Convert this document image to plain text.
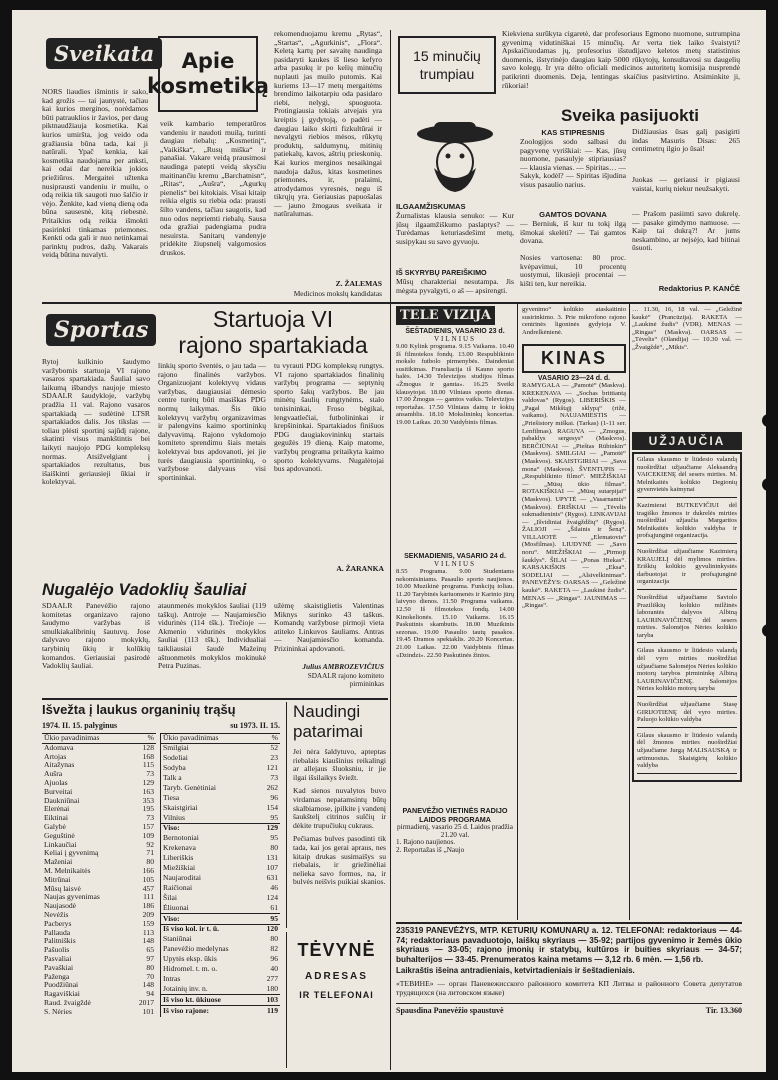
Sveikata	Apie kosmetiką
NORS liaudies išmintis ir sako, kad grožis — tai jaunystė, tačiau kai kurios merginos, norėdamos būti patrauklios ir žavios, per daug piktnaudžiauja kosmetika. Kai kurios umiršta, jog veido oda gražiausia būna tada, kai ji natūrali. Ypač kenkia, kai kosmetika naudojama per anksti, kai odai dar nereikia jokios priežiūros. Mergaitei užtenka nusiprausti vandeniu ir muilu, o odą reikia tik saugoti nuo šalčio ir vėjo. Ženkite, kad vieną dieną oda būna sausesnė, kitą riebesnė. Pritaikius odą reikia išmokti pasirinkti tinkamas priemones. Kenkti oda gali ir nuo netinkamai parinktų pudros, dažų. Vakarais veidą būtina nuvalyti.
veik kambario temperatūros vandeniu ir naudoti muilą, turinti daugiau riebalų: „Kosmetinį“, „Vaikiška“, „Rusų miška“ ir panašiai. Vakare veidą prausimosi naudinga patepti veidą skysčiu maitinančiu kremu „Barchatnisn“, „Ritas“, „Aušra“, „Agurkų pienelis“ bei kitokiais. Visai kitaip reikia elgtis su riebia oda: prausti šilto vandens, tačiau saugotis, kad nuo odos nepriemti riebalų. Sausa oda gražiai padengiama pudra nesuirsta. Sanitarų vandenyje pridėkite žiupsnelį valgomosios druskos.
rekomenduojamu kremu „Rytas“, „Startas“, „Agurkinis“, „Flora“. Keletą kartų per savaitę naudinga pasidaryti kaukes iš lieso kefyro arba pasukų ir po kelių minučių nuplauti jas muilo putomis. Kai kuriems 13—17 metų mergaitėms brendimo laikotarpiu oda pasidaro riebi, nelygi, spuoguota. Protingiausia tokiais atvejais yra kreiptis į gydytoją, o padėti — daugiau laiko skirti fizkultūrai ir nevalgyti riebios mėsos, rūkytų produktų, saldumynų, mitinių patiekalų, kavos, aštrių prieskonių. Kai kurios merginos nesaikingai naudoja dažus, kitas kosmetines priemones, ir, pralaimi, atrodydamos vyresnės, negu iš tikrųjų yra. Geriausias papuošalas — jauno žmogaus sveikata ir natūralumas.
Z. ŽALEMAS
Medicinos mokslų kandidatas
15 minučių trumpiau
Kiekviena surūkyta cigaretė, dar profesoriaus Egmono nuomone, sutrumpina gyvenimą vidutiniškai 15 minučių. Ar verta tiek laiko švaistyti? Apskaičiuodamas jų, profesorius išstudijavo keletos metų statistinius duomenis, išstyrinėjo daugiau kaip 5000 rūkytojų, konsultavosi su daugelių savo kolegų. Ir yra dėlto oficiali medicinos autoritetų komisija nusprendė patikrinti duomenis. Deja, lentingas skaičius pasitvirtino. Atsiminkite ji, rūkoriai!
ILGAAMŽISKUMAS
Žurnalistas klausia senuko: — Kur jūsų ilgaamžiškumo paslaptys? — Turėdamas keturiasdešimt metų, susipykau su savo gyvuoju.
IŠ SKYRYBŲ PAREIŠKIMO
Mūsų charakteriai nesutampa. Jis mėgsta pyvalgyti, o aš — apsirengti.
Sveika pasijuokti
KAS STIPRESNIS
Zoologijos sodo salbasi du pagyvenę vyriškiai: — Kas, jūsų nuomone, pasaulyje stipriausias? — klausia vienas. — Spiritas… — Sakyk, kodėl? — Spiritas išjudina visus pasaulio narius.
GAMTOS DOVANA
— Berniuk, iš kur tu tokį ilgą išmokai skelėti? — Tai gamtos dovana.
Nosies vartosena: 80 proc. kvėpavimui, 10 procentų uostymui, likusieji procentai — kišti ten, kur nereikia.
Didžiausias ūsas galį pasigirti indas Masuris Disas: 265 centimetrų ilgio jo ūsai!
Juokas — geriausi ir pigiausi vaistai, kurių niekur neužsakyti.
— Prašom pasiimti savo dukrelę. — pasake gimdymo namuose. — Kaip tai dukrą?! Ar jums neskambino, ar nejsėjo, kad bitinai ūsuoti.
Redaktorius P. KANČĖ
Sportas	Startuoja VI
rajono spartakiada
Rytoj kulkinio šaudymo varžybomis startuoja VI rajono vasaros spartakiada. Šaulial savo laikumą išbandys naujoje miesto SDAALR šaudykloje, varžybų pradžia 11 val. Rajono vasaros spartakiadą — sudėtinė LTSR spartakiados dalis. Jos tikslas — toliau plėsti sportinį sajūdį rajone, skatinti visus mankštintis bei laikyti naujojo PDG kompleksų normas. Atsižvelgiant į spartakiados rezultatus, bus išaiškinti geriausieji ūkiai ir kolektyvai.
linkių sporto šventės, o jau tada — rajono finalinės varžybos. Organizuojant kolektyvų vidaus varžybas, daugiausiai dėmesio centre turėtų būti masiškas PDG normų laikymas. Šis ūkio kolektyvų varžybų organizavimas ir palengvins kaimo sportininkų dalyvavimą. Rajono vykdomojo komiteto sprendimu šiais metais kolektyvai bus apdovanoti, jei jie turės daugiausia sportininkų, o varžybose dalyvaus visi sportininkai.
tu vyrauti PDG kompleksų rungtys. VI rajono spartakiados finalinių varžybų programa — septynių sporto šakų varžybos. Be jau minėtų šaulių rungtynėms, stalo tenisininkai, Froso bėgikai, lengvaatlečiai, futbolininkai ir krepšininkai. Spartakiados finišuos PDG daugiakovininkų startais gegužės 19 dieną. Kaip matome, varžybų programa pritaikyta kaimo sporto kolektyvams. Nugalėtojai bus apdovanoti.
A. ŽARANKA
Nugalėjo Vadoklių šauliai
SDAALR Panevėžio rajono komitetas organizavo rajono šaudymo varžybas iš smulkiakalibrinių šautuvų. Jose dalyvavo rajono mokyklų, tarybinių ūkių ir kolūkių komandos. Geriausiai pasirodė Vadoklių šauliai.
ataunmenės mokyklos šauliai (119 taškų). Antroje — Naujamiesčio vidurinės (114 tšk.). Trečioje — Akmenio vidurinės mokyklos šauliai (113 tšk.). Individualiai taikliausiai šaudė Mažeinų aštuonmetės mokyklos mokinukė Petra Puzinas.
užėmę skaistiglietis Valentinas Miknys surinko 43 taškus. Komandų varžybose pirmoji vieta atiteko Linkuvos šauliams. Antras — Naujamiesčio komanda. Prizininkai apdovanoti.
Julius AMBROZEVIČIUS
SDAALR rajono komiteto pirmininkas
Išvežta į laukus organinių trąšų
1974. II. 15. palyginus	su 1973. II. 15.
Ūkio pavadinimas	%
Adomava	128
Artojas	168
Aitažynas	115
Aušra	73
Ajuolas	129
Burveitai	163
Daukniūnai	353
Elerėnai	195
Eiktinai	73
Galybė	157
Geguštinė	109
Linkaučiai	92
Keliai į gyvenimą	71
Maženiai	80
M. Melnikaitės	166
Mitrūnai	105
Mūsų laisvė	457
Naujas gyvenimas	111
Naujasodė	186
Nevėžis	209
Pacberys	159
Pallauda	113
Palitniškis	148
Pašuolis	65
Pasvaliai	97
Pavaškiai	80
Paženga	70
Puodžiūnai	148
Ragaviškiai	94
Raud. žvaigždė	2017
S. Nėries	101
Ūkio pavadinimas	%
Smilgiai	52
Sodeliai	23
Sodyba	121
Talk a	73
Taryb. Genėtiniai	262
Tiesa	96
Skaistgiriai	154
Vilnius	95
Viso:	129

Bernotoniai	95
Krekenava	80
Liberiškis	131
Miežiškiai	107
Naujaroditai	631
Raičionai	46
Šilai	124
Ėliuonai	61
Viso:	95
Iš viso kol. ir t. ū.	120

Staniūnai	80
Panevėžio medelynas	82
Upytės eksp. ūkis	96
Hidromel. t. m. o.	40
Intras	277
Jotainių inv. n.	180

Iš viso kt. ūkiuose	103
Iš viso rajone:	119
Naudingi
patarimai
Jei nėra šaldytuvo, apteptas riebalais kiaušinius reikalingi ar allejaus šluoksniu, ir jie ilgai išsilaikys šviežt.
Kad sienos nuvalytos buvo virdamas nepatamsintų būtų skalbiamose, įpilkite į vandenį šaukštelį citrinos sulčių ir dėkite trupučiukų cukraus.
Pečiamas bulves pasodinti tik tada, kai jos gerai apraus, nes kitaip drukas susimaišys su riebalais, ir griežinėliai nelieka savo formos, na, ir bulvės neišvis puikiai skanios.
TĖVYNĖ
ADRESAS
IR TELEFONAI
TELE VIZIJA
ŠEŠTADIENIS, VASARIO 23 d.
VILNIUS
9.00 Kylink programa. 9.15 Vaikams. 10.40 Iš filmotekos fondų. 13.00 Respublikinio mokslo futbolo pirmenybės. Daindeniai susitikimas. Fransliacija iš Kauno sporto halės. 14.30 Televizijos studijos filmas «Žmogus ir gamta». 16.25 Sveiki klausytojai. 18.00 Vilniaus sporto dienas. 17.00 Žmogus — gamtos vaikis. Televizijos reportažas. 17.50 Vilniaus dainų ir šokių ansamblis. 18.10 Mokslininkų koncertas. 19.00 Laikas. 20.30 Vaidybinis filmas.
SEKMADIENIS, VASARIO 24 d.
VILNIUS
8.55 Programa. 9.00 Studentams nekomisiniams. Pasaulio sporto naujienos. 10.00 Muzikinė programa. Funkcijų toliau. 11.20 Tarybinės kariuomenės ir Karinio jūrų laivyno dienos. 11.50 Programa vaikams. 12.50 Iš filmotekos fondų. 14.00 Kinokelionės. 15.10 Vaikams. 16.15 Paskutinis skambutis. 18.00 Muzikinis sezonas. 19.00 Pasaulio tautų pasakos. 19.45 Dramos spektaklis. 20.20 Koncertas. 21.00 Laikas. 22.00 Vaidybinis filmas «Dzindzi». 22.50 Paskutinės žinios.
PANEVĖŽIO VIETINĖS RADIJO LAIDOS PROGRAMA
pirmadienį, vasario 25 d. Laidos pradžia 21.20 val.
1. Rajono naujienos.
2. Reportažas iš „Naujo
gyvenimo“ kolūkio ataskaitinio susirinkimo. 3. Prie mikrofono rajono centrinės ligoninės gydytoja V. Andrelkėnienė.
KINAS
VASARIO 23—24 d. d.
RAMYGALA — „Pamotė“ (Maskva). KREKENAVA — „Sochas brittiantą valdovas“ (Rygos). LIBERIŠKIS — „Pagal Mikštąjį sklypą“ (rižė, vaikams). NAUJAMIESTIS — „Priešistory miškai. (Tarkas) (1-11 ser. Lenfilmas). RAGUVA — „Zmogus, pabaklys sergesys“ (Maskvos). BERČIŪNAI — „Pieštas Rūbinkin” (Maskvos). SMILGIAI — „Pamotė“ (Maskvos). SKAISTGIRIAI — „Sava mona“ (Maskvos). ŠVENTUPIS — „Respublikinio filmo“. MIEŽIŠKIAI — „Mūsų ūkio filmas“. ROTAKIŠKIAI — „Mūsų sutarpijai“ (Maskvos). UPYTĖ — „Vasarnamis“ (Maskvos). ĖRIŠKIAI — „Tėvelis sukmadieninis“ (Rygos). LINKAVIJAI — „Išvidiniai žvaigždžių“ (Rygos). ŽALIOJI — „Šilainis ir Šeną“. VILLAIOTĖ — „Elematovis“ (Mosfilmas). LIUDYNĖ — „Savo noru“. MIEŽIŠKIAI — „Pirmoji šauklys“. ŠILAI — „Ponas Hiekas“. KARSAKIŠKIS — „Eksa“. SODELIAI — „Alsivelkinimas“. PANEVĖŽYS: OARSAS — „Geležinė kaukė“. RAKETA — „Laukinė žudis“. MENAS — „Ringas“. JAUNIMAS — „Ringas“.
… 11.30, 16, 18 val. — „Geležinė kaukė“ (Prancūzija). RAKETA — „Laukinė žudis“ (VDR). MENAS — „Ringas“ (Maskva). OARSAS — „Tėvelis“ (Olandija) — 10.30 val. — „Žvaigždė“, „Mikis“.
UŽJAUČIA
Gilaus skausmo ir liūdesio valandą nuoširdžiai užjaučiame Aleksandrą VAICEKIENĘ dėl sesers mirties. M. Melnikaitės kolūkio Degionių gyvenvietės kaimynai
Kazimierai BUTKEVIČIUI dėl tragiško žmonos ir dukrelės mirties nuoširdžiai užjaučia Margaritos Melnikaitės kolūkio valdyba ir profsąjunginė organizacija.
Nuoširdžiai užjaučiame Kazimierą KRAUJELĮ dėl mylimos mirties. Eriškių kolūkio gyvulininkystės darbuotojai ir profsąjunginė organizacija
Nuoširdžiai užjaučiame Saviolo Praziliškių kolūkio milžinės laborantės dalyvos Albiną LAURINAVIČIENĘ dėl sesers mirties. Salomėjos Nėries kolūkio taryba
Gilaus skausmo ir liūdesio valandą dėl vyro mirties nuoširdžiai užjaučiame Salomėjos Nėries kolūkio motorų tarybos pirmininkę Albiną LAURINAVIČIENĘ. Salomėjos Nėries kolūkio motorų taryba
Nuoširdžiai užjaučiame Stasę GIRIJOTIENĘ dėl vyro mirties. Paluojo kolūkio valdyba
Gilaus skausmo ir liūdesio valandą dėl žmonos mirties nuoširdžiai užjaučiame Jurgą MALISAUSKĄ ir artimuosius. Skaistgirių kolūkio valdyba
235319 PANEVĖŽYS, MTP. KETURIŲ KOMUNARŲ a. 12. TELEFONAI: redaktoriaus — 44-74; redaktoriaus pavaduotojo, laiškų skyriaus — 35-92; partijos gyvenimo ir žemės ūkio skyriaus — 33-05; rajono įmonių ir statybų, kultūros ir buities skyriaus — 34-57; buhalterijos — 33-45. Prenumeratos kaina metams — 3,12 rb. 6 mėn. — 1,56 rb.
Laikraštis išeina antradieniais, ketvirtadieniais ir šeštadieniais.
«ТЕВИНЕ» — орган Паневежисского районного комитета КП Литвы и районного Совета депутатов трудящихся (на литовском языке)
Spausdina Panevėžio spaustuvė	Tir. 13.360
